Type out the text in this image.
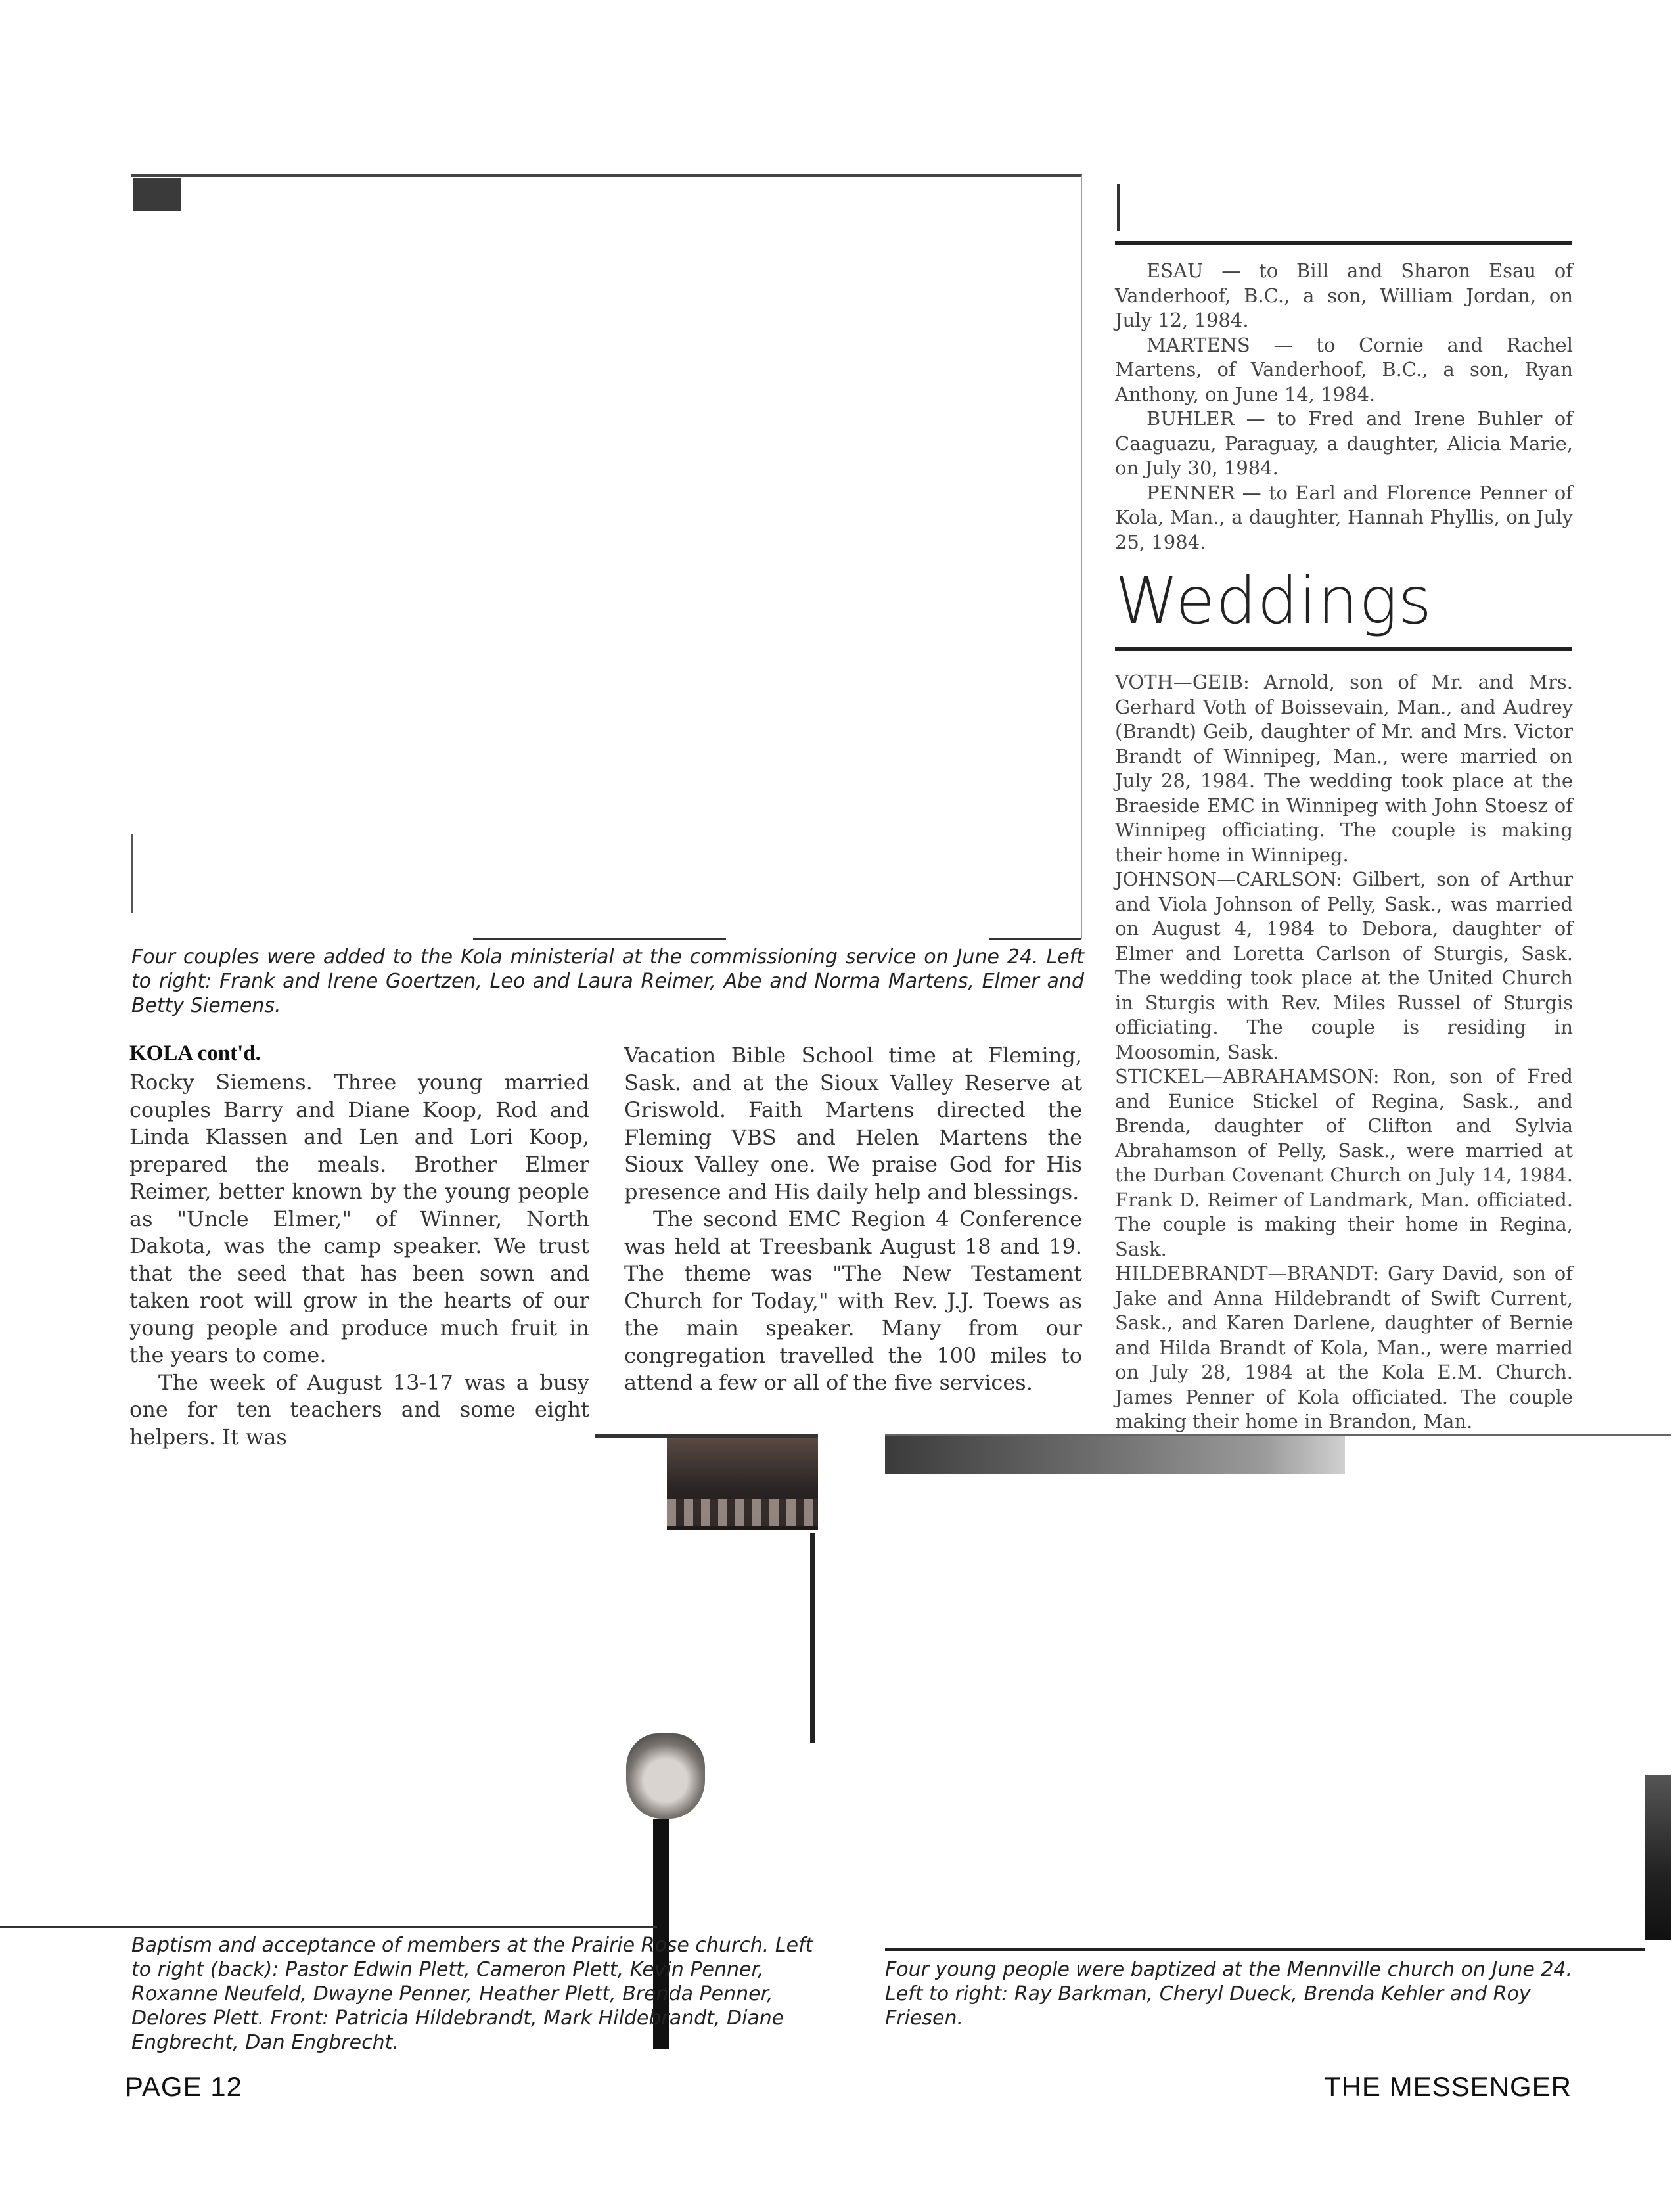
Four couples were added to the Kola ministerial at the commissioning service on June 24. Left to right: Frank and Irene Goertzen, Leo and Laura Reimer, Abe and Norma Martens, Elmer and Betty Siemens.

ESAU — to Bill and Sharon Esau of Vanderhoof, B.C., a son, William Jordan, on July 12, 1984.

MARTENS — to Cornie and Rachel Martens, of Vanderhoof, B.C., a son, Ryan Anthony, on June 14, 1984.

BUHLER — to Fred and Irene Buhler of Caaguazu, Paraguay, a daughter, Alicia Marie, on July 30, 1984.

PENNER — to Earl and Florence Penner of Kola, Man., a daughter, Hannah Phyllis, on July 25, 1984.

Weddings

VOTH—GEIB: Arnold, son of Mr. and Mrs. Gerhard Voth of Boissevain, Man., and Audrey (Brandt) Geib, daughter of Mr. and Mrs. Victor Brandt of Winnipeg, Man., were married on July 28, 1984. The wedding took place at the Braeside EMC in Winnipeg with John Stoesz of Winnipeg officiating. The couple is making their home in Winnipeg.

JOHNSON—CARLSON: Gilbert, son of Arthur and Viola Johnson of Pelly, Sask., was married on August 4, 1984 to Debora, daughter of Elmer and Loretta Carlson of Sturgis, Sask. The wedding took place at the United Church in Sturgis with Rev. Miles Russel of Sturgis officiating. The couple is residing in Moosomin, Sask.

STICKEL—ABRAHAMSON: Ron, son of Fred and Eunice Stickel of Regina, Sask., and Brenda, daughter of Clifton and Sylvia Abrahamson of Pelly, Sask., were married at the Durban Covenant Church on July 14, 1984. Frank D. Reimer of Landmark, Man. officiated. The couple is making their home in Regina, Sask.

HILDEBRANDT—BRANDT: Gary David, son of Jake and Anna Hildebrandt of Swift Current, Sask., and Karen Darlene, daughter of Bernie and Hilda Brandt of Kola, Man., were married on July 28, 1984 at the Kola E.M. Church. James Penner of Kola officiated. The couple making their home in Brandon, Man.

KOLA cont'd.

Rocky Siemens. Three young married couples Barry and Diane Koop, Rod and Linda Klassen and Len and Lori Koop, prepared the meals. Brother Elmer Reimer, better known by the young people as "Uncle Elmer," of Winner, North Dakota, was the camp speaker. We trust that the seed that has been sown and taken root will grow in the hearts of our young people and produce much fruit in the years to come.

The week of August 13-17 was a busy one for ten teachers and some eight helpers. It was

Vacation Bible School time at Fleming, Sask. and at the Sioux Valley Reserve at Griswold. Faith Martens directed the Fleming VBS and Helen Martens the Sioux Valley one. We praise God for His presence and His daily help and blessings.

The second EMC Region 4 Conference was held at Treesbank August 18 and 19. The theme was "The New Testament Church for Today," with Rev. J.J. Toews as the main speaker. Many from our congregation travelled the 100 miles to attend a few or all of the five services.

Baptism and acceptance of members at the Prairie Rose church. Left to right (back): Pastor Edwin Plett, Cameron Plett, Kevin Penner, Roxanne Neufeld, Dwayne Penner, Heather Plett, Brenda Penner, Delores Plett. Front: Patricia Hildebrandt, Mark Hildebrandt, Diane Engbrecht, Dan Engbrecht.
Four young people were baptized at the Mennville church on June 24. Left to right: Ray Barkman, Cheryl Dueck, Brenda Kehler and Roy Friesen.
PAGE 12	THE MESSENGER
